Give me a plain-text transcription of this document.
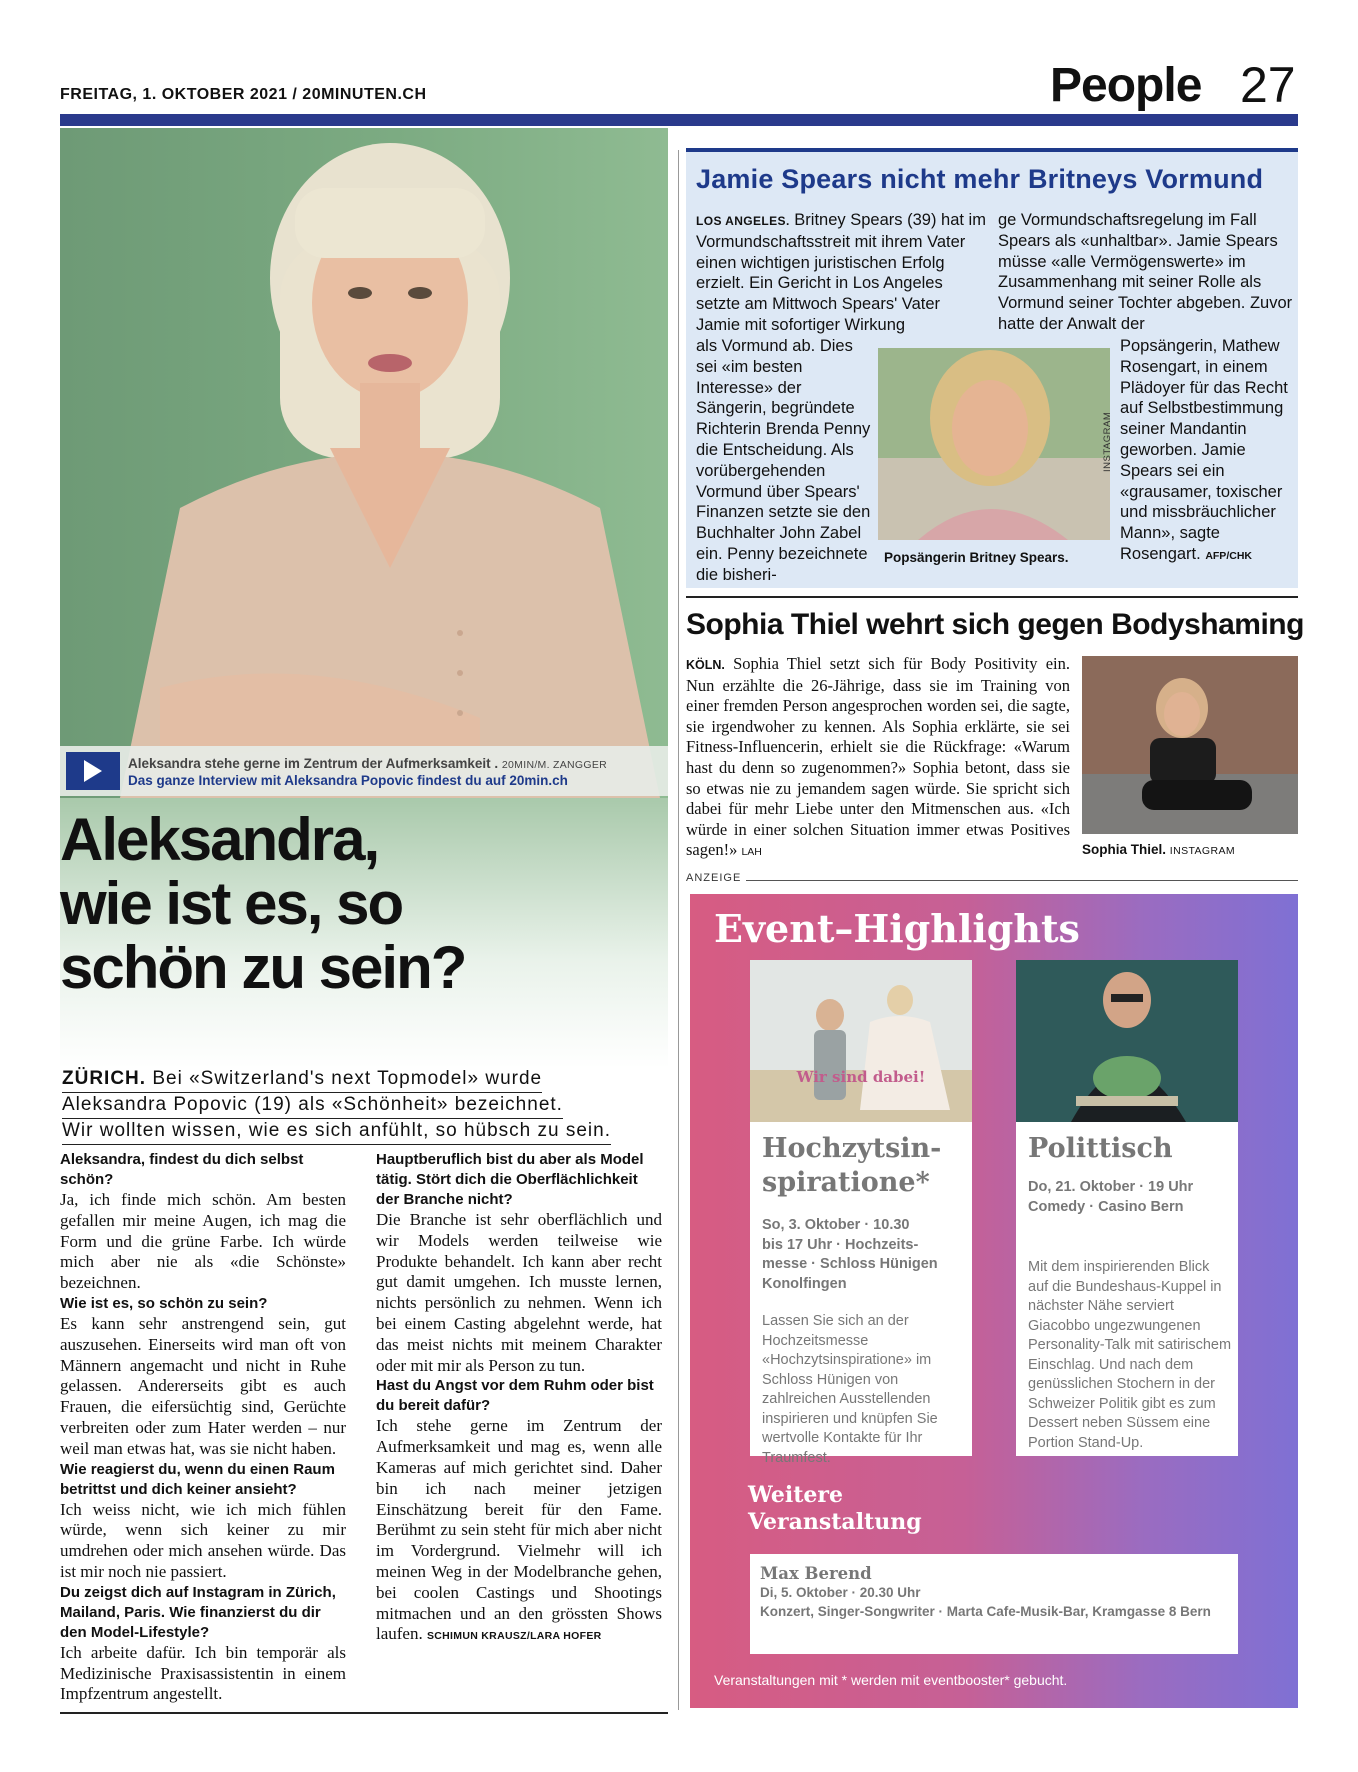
FREITAG, 1. OKTOBER 2021 / 20MINUTEN.CH	People 27
Aleksandra stehe gerne im Zentrum der Aufmerksamkeit . 20MIN/M. ZANGGER
Das ganze Interview mit Aleksandra Popovic findest du auf 20min.ch
Aleksandra,
wie ist es, so
schön zu sein?
ZÜRICH. Bei «Switzerland's next Topmodel» wurde
Aleksandra Popovic (19) als «Schönheit» bezeichnet.
Wir wollten wissen, wie es sich anfühlt, so hübsch zu sein.
Aleksandra, findest du dich selbst schön?
Ja, ich finde mich schön. Am besten gefallen mir meine Augen, ich mag die Form und die grüne Farbe. Ich würde mich aber nie als «die Schönste» bezeichnen.
Wie ist es, so schön zu sein?
Es kann sehr anstrengend sein, gut auszusehen. Einerseits wird man oft von Männern angemacht und nicht in Ruhe gelassen. Andererseits gibt es auch Frauen, die eifersüchtig sind, Gerüchte verbreiten oder zum Hater werden – nur weil man etwas hat, was sie nicht haben.
Wie reagierst du, wenn du einen Raum betrittst und dich keiner ansieht?
Ich weiss nicht, wie ich mich fühlen würde, wenn sich keiner zu mir umdrehen oder mich ansehen würde. Das ist mir noch nie passiert.
Du zeigst dich auf Instagram in Zürich, Mailand, Paris. Wie finanzierst du dir den Model-Lifestyle?
Ich arbeite dafür. Ich bin temporär als Medizinische Praxisassistentin in einem Impfzentrum angestellt.
Hauptberuflich bist du aber als Model tätig. Stört dich die Oberflächlichkeit der Branche nicht?
Die Branche ist sehr oberflächlich und wir Models werden teilweise wie Produkte behandelt. Ich kann aber recht gut damit umgehen. Ich musste lernen, nichts persönlich zu nehmen. Wenn ich bei einem Casting abgelehnt werde, hat das meist nichts mit meinem Charakter oder mit mir als Person zu tun.
Hast du Angst vor dem Ruhm oder bist du bereit dafür?
Ich stehe gerne im Zentrum der Aufmerksamkeit und mag es, wenn alle Kameras auf mich gerichtet sind. Daher bin ich nach meiner jetzigen Einschätzung bereit für den Fame. Berühmt zu sein steht für mich aber nicht im Vordergrund. Vielmehr will ich meinen Weg in der Modelbranche gehen, bei coolen Castings und Shootings mitmachen und an den grössten Shows laufen. SCHIMUN KRAUSZ/LARA HOFER
Jamie Spears nicht mehr Britneys Vormund
LOS ANGELES. Britney Spears (39) hat im Vormundschaftsstreit mit ihrem Vater einen wichtigen juristischen Erfolg erzielt. Ein Gericht in Los Angeles setzte am Mittwoch Spears' Vater Jamie mit sofortiger Wirkung
ge Vormundschaftsregelung im Fall Spears als «unhaltbar». Jamie Spears müsse «alle Vermögenswerte» im Zusammenhang mit seiner Rolle als Vormund seiner Tochter abgeben. Zuvor hatte der Anwalt der
als Vormund ab. Dies sei «im besten Interesse» der Sängerin, begründete Richterin Brenda Penny die Entscheidung. Als vorübergehenden Vormund über Spears' Finanzen setzte sie den Buchhalter John Zabel ein. Penny bezeichnete die bisheri-
Popsängerin, Mathew Rosengart, in einem Plädoyer für das Recht auf Selbstbestimmung seiner Mandantin geworben. Jamie Spears sei ein «grausamer, toxischer und missbräuchlicher Mann», sagte Rosengart. AFP/CHK
Popsängerin Britney Spears.
INSTAGRAM
Sophia Thiel wehrt sich gegen Bodyshaming
KÖLN. Sophia Thiel setzt sich für Body Positivity ein. Nun erzählte die 26-Jährige, dass sie im Training von einer fremden Person angesprochen worden sei, die sagte, sie irgendwoher zu kennen. Als Sophia erklärte, sie sei Fitness-Influencerin, erhielt sie die Rückfrage: «Warum hast du denn so zugenommen?» Sophia betont, dass sie so etwas nie zu jemandem sagen würde. Sie spricht sich dabei für mehr Liebe unter den Mitmenschen aus. «Ich würde in einer solchen Situation immer etwas Positives sagen!» LAH	Sophia Thiel. INSTAGRAM
ANZEIGE
Event–Highlights
Wir sind dabei!
Hochzytsin-
spiratione*
So, 3. Oktober · 10.30
bis 17 Uhr · Hochzeits-
messe · Schloss Hünigen
Konolfingen
Lassen Sie sich an der Hochzeitsmesse «Hochzytsinspiratione» im Schloss Hünigen von zahlreichen Ausstellenden inspirieren und knüpfen Sie wertvolle Kontakte für Ihr Traumfest.
Polittisch
Do, 21. Oktober · 19 Uhr
Comedy · Casino Bern
Mit dem inspirierenden Blick auf die Bundeshaus-Kuppel in nächster Nähe serviert Giacobbo ungezwungenen Personality-Talk mit satirischem Einschlag. Und nach dem genüsslichen Stochern in der Schweizer Politik gibt es zum Dessert neben Süssem eine Portion Stand-Up.
Weitere
Veranstaltung
Max Berend
Di, 5. Oktober · 20.30 Uhr
Konzert, Singer-Songwriter · Marta Cafe-Musik-Bar, Kramgasse 8 Bern
Veranstaltungen mit * werden mit eventbooster* gebucht.
